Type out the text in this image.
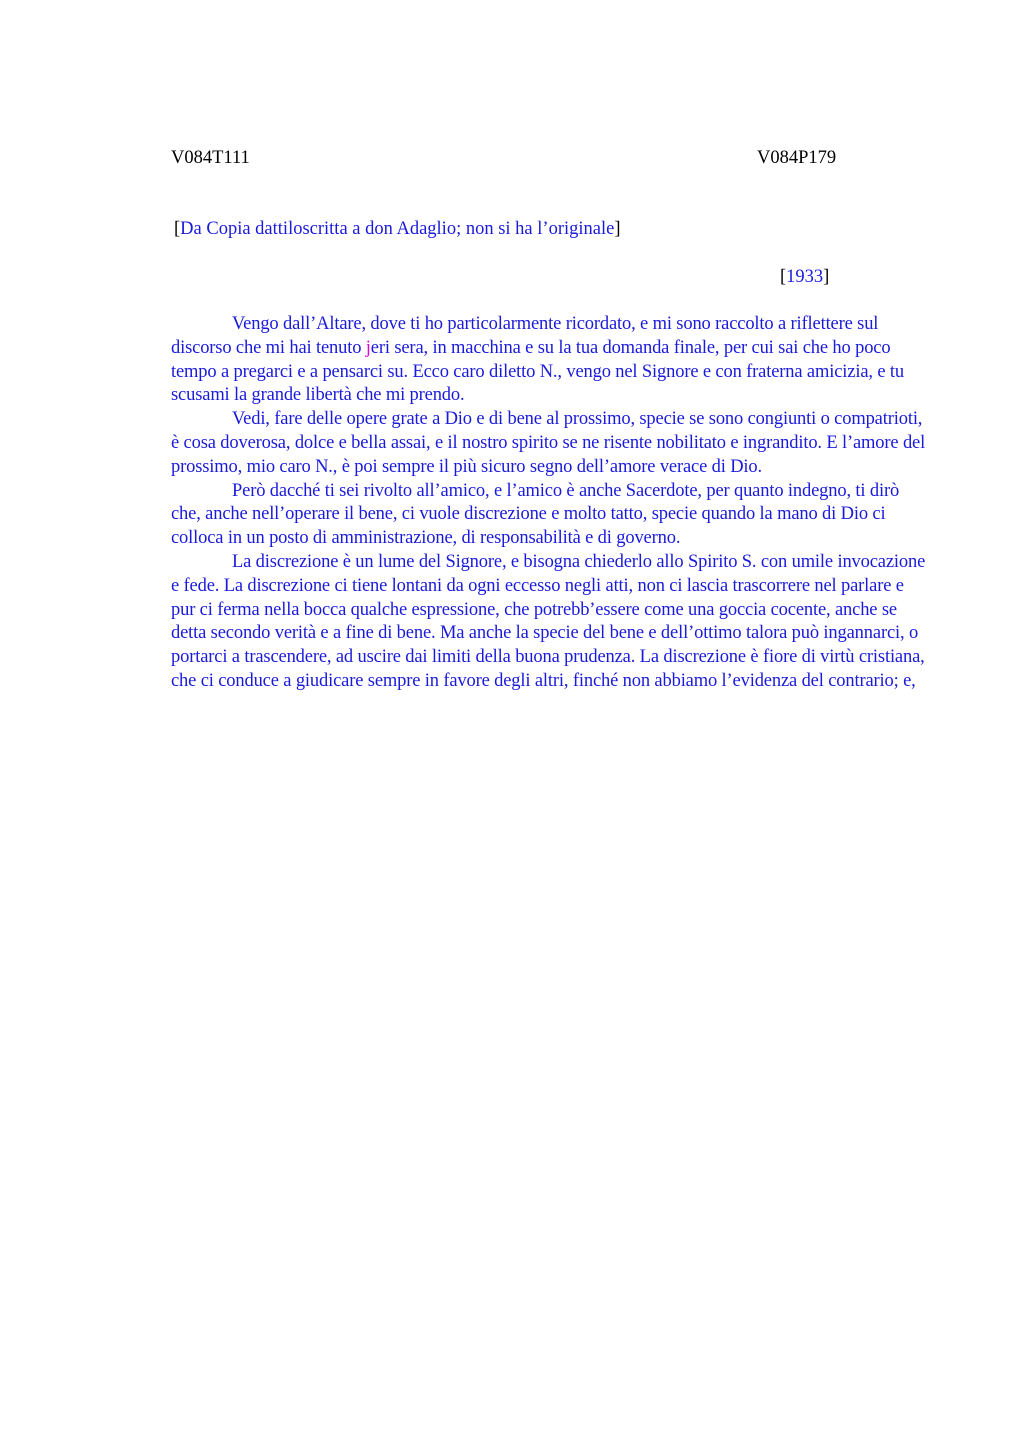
V084T111	V084P179
[Da Copia dattiloscritta a don Adaglio; non si ha l’originale]
[1933]

Vengo dall’Altare, dove ti ho particolarmente ricordato, e mi sono raccolto a riflettere sul discorso che mi hai tenuto jeri sera, in macchina e su la tua domanda finale, per cui sai che ho poco tempo a pregarci e a pensarci su. Ecco caro diletto N., vengo nel Signore e con fraterna amicizia, e tu scusami la grande libertà che mi prendo.

Vedi, fare delle opere grate a Dio e di bene al prossimo, specie se sono congiunti o compatrioti, è cosa doverosa, dolce e bella assai, e il nostro spirito se ne risente nobilitato e ingrandito. E l’amore del prossimo, mio caro N., è poi sempre il più sicuro segno dell’amore verace di Dio.

Però dacché ti sei rivolto all’amico, e l’amico è anche Sacerdote, per quanto indegno, ti dirò che, anche nell’operare il bene, ci vuole discrezione e molto tatto, specie quando la mano di Dio ci colloca in un posto di amministrazione, di responsabilità e di governo.

La discrezione è un lume del Signore, e bisogna chiederlo allo Spirito S. con umile invocazione e fede. La discrezione ci tiene lontani da ogni eccesso negli atti, non ci lascia trascorrere nel parlare e pur ci ferma nella bocca qualche espressione, che potrebb’essere come una goccia cocente, anche se detta secondo verità e a fine di bene. Ma anche la specie del bene e dell’ottimo talora può ingannarci, o portarci a trascendere, ad uscire dai limiti della buona prudenza. La discrezione è fiore di virtù cristiana, che ci conduce a giudicare sempre in favore degli altri, finché non abbiamo l’evidenza del contrario; e,
